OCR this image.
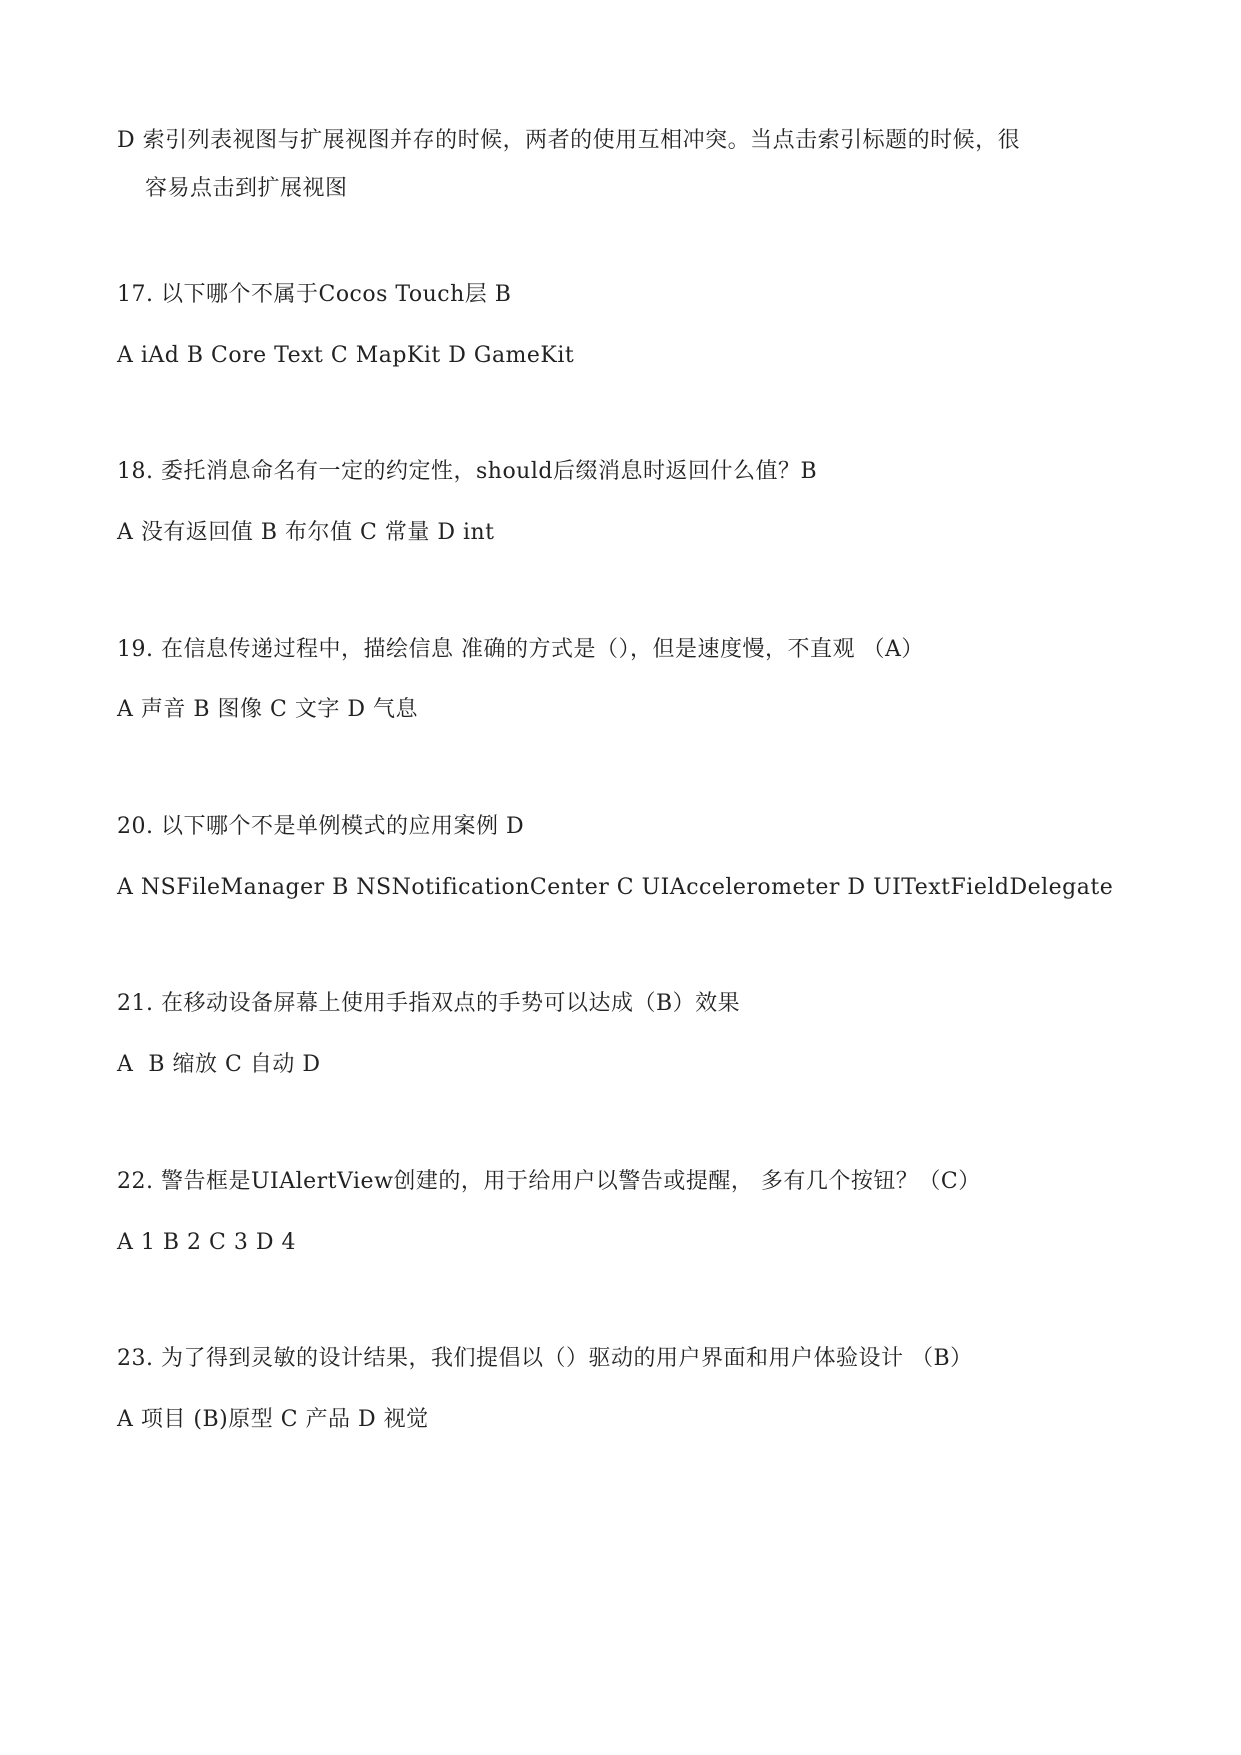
D 索引列表视图与扩展视图并存的时候，两者的使用互相冲突。当点击索引标题的时候，很
容易点击到扩展视图
17. 以下哪个不属于Cocos Touch层 B
A iAd B Core Text C MapKit D GameKit
18. 委托消息命名有一定的约定性，should后缀消息时返回什么值？B
A 没有返回值 B 布尔值 C 常量 D int
19. 在信息传递过程中，描绘信息 准确的方式是（），但是速度慢，不直观 （A）
A 声音 B 图像 C 文字 D 气息
20. 以下哪个不是单例模式的应用案例 D
A NSFileManager B NSNotificationCenter C UIAccelerometer D UITextFieldDelegate
21. 在移动设备屏幕上使用手指双点的手势可以达成（B）效果
A  B 缩放 C 自动 D
22. 警告框是UIAlertView创建的，用于给用户以警告或提醒， 多有几个按钮？（C）
A 1 B 2 C 3 D 4
23. 为了得到灵敏的设计结果，我们提倡以（）驱动的用户界面和用户体验设计 （B）
A 项目 (B)原型 C 产品 D 视觉
